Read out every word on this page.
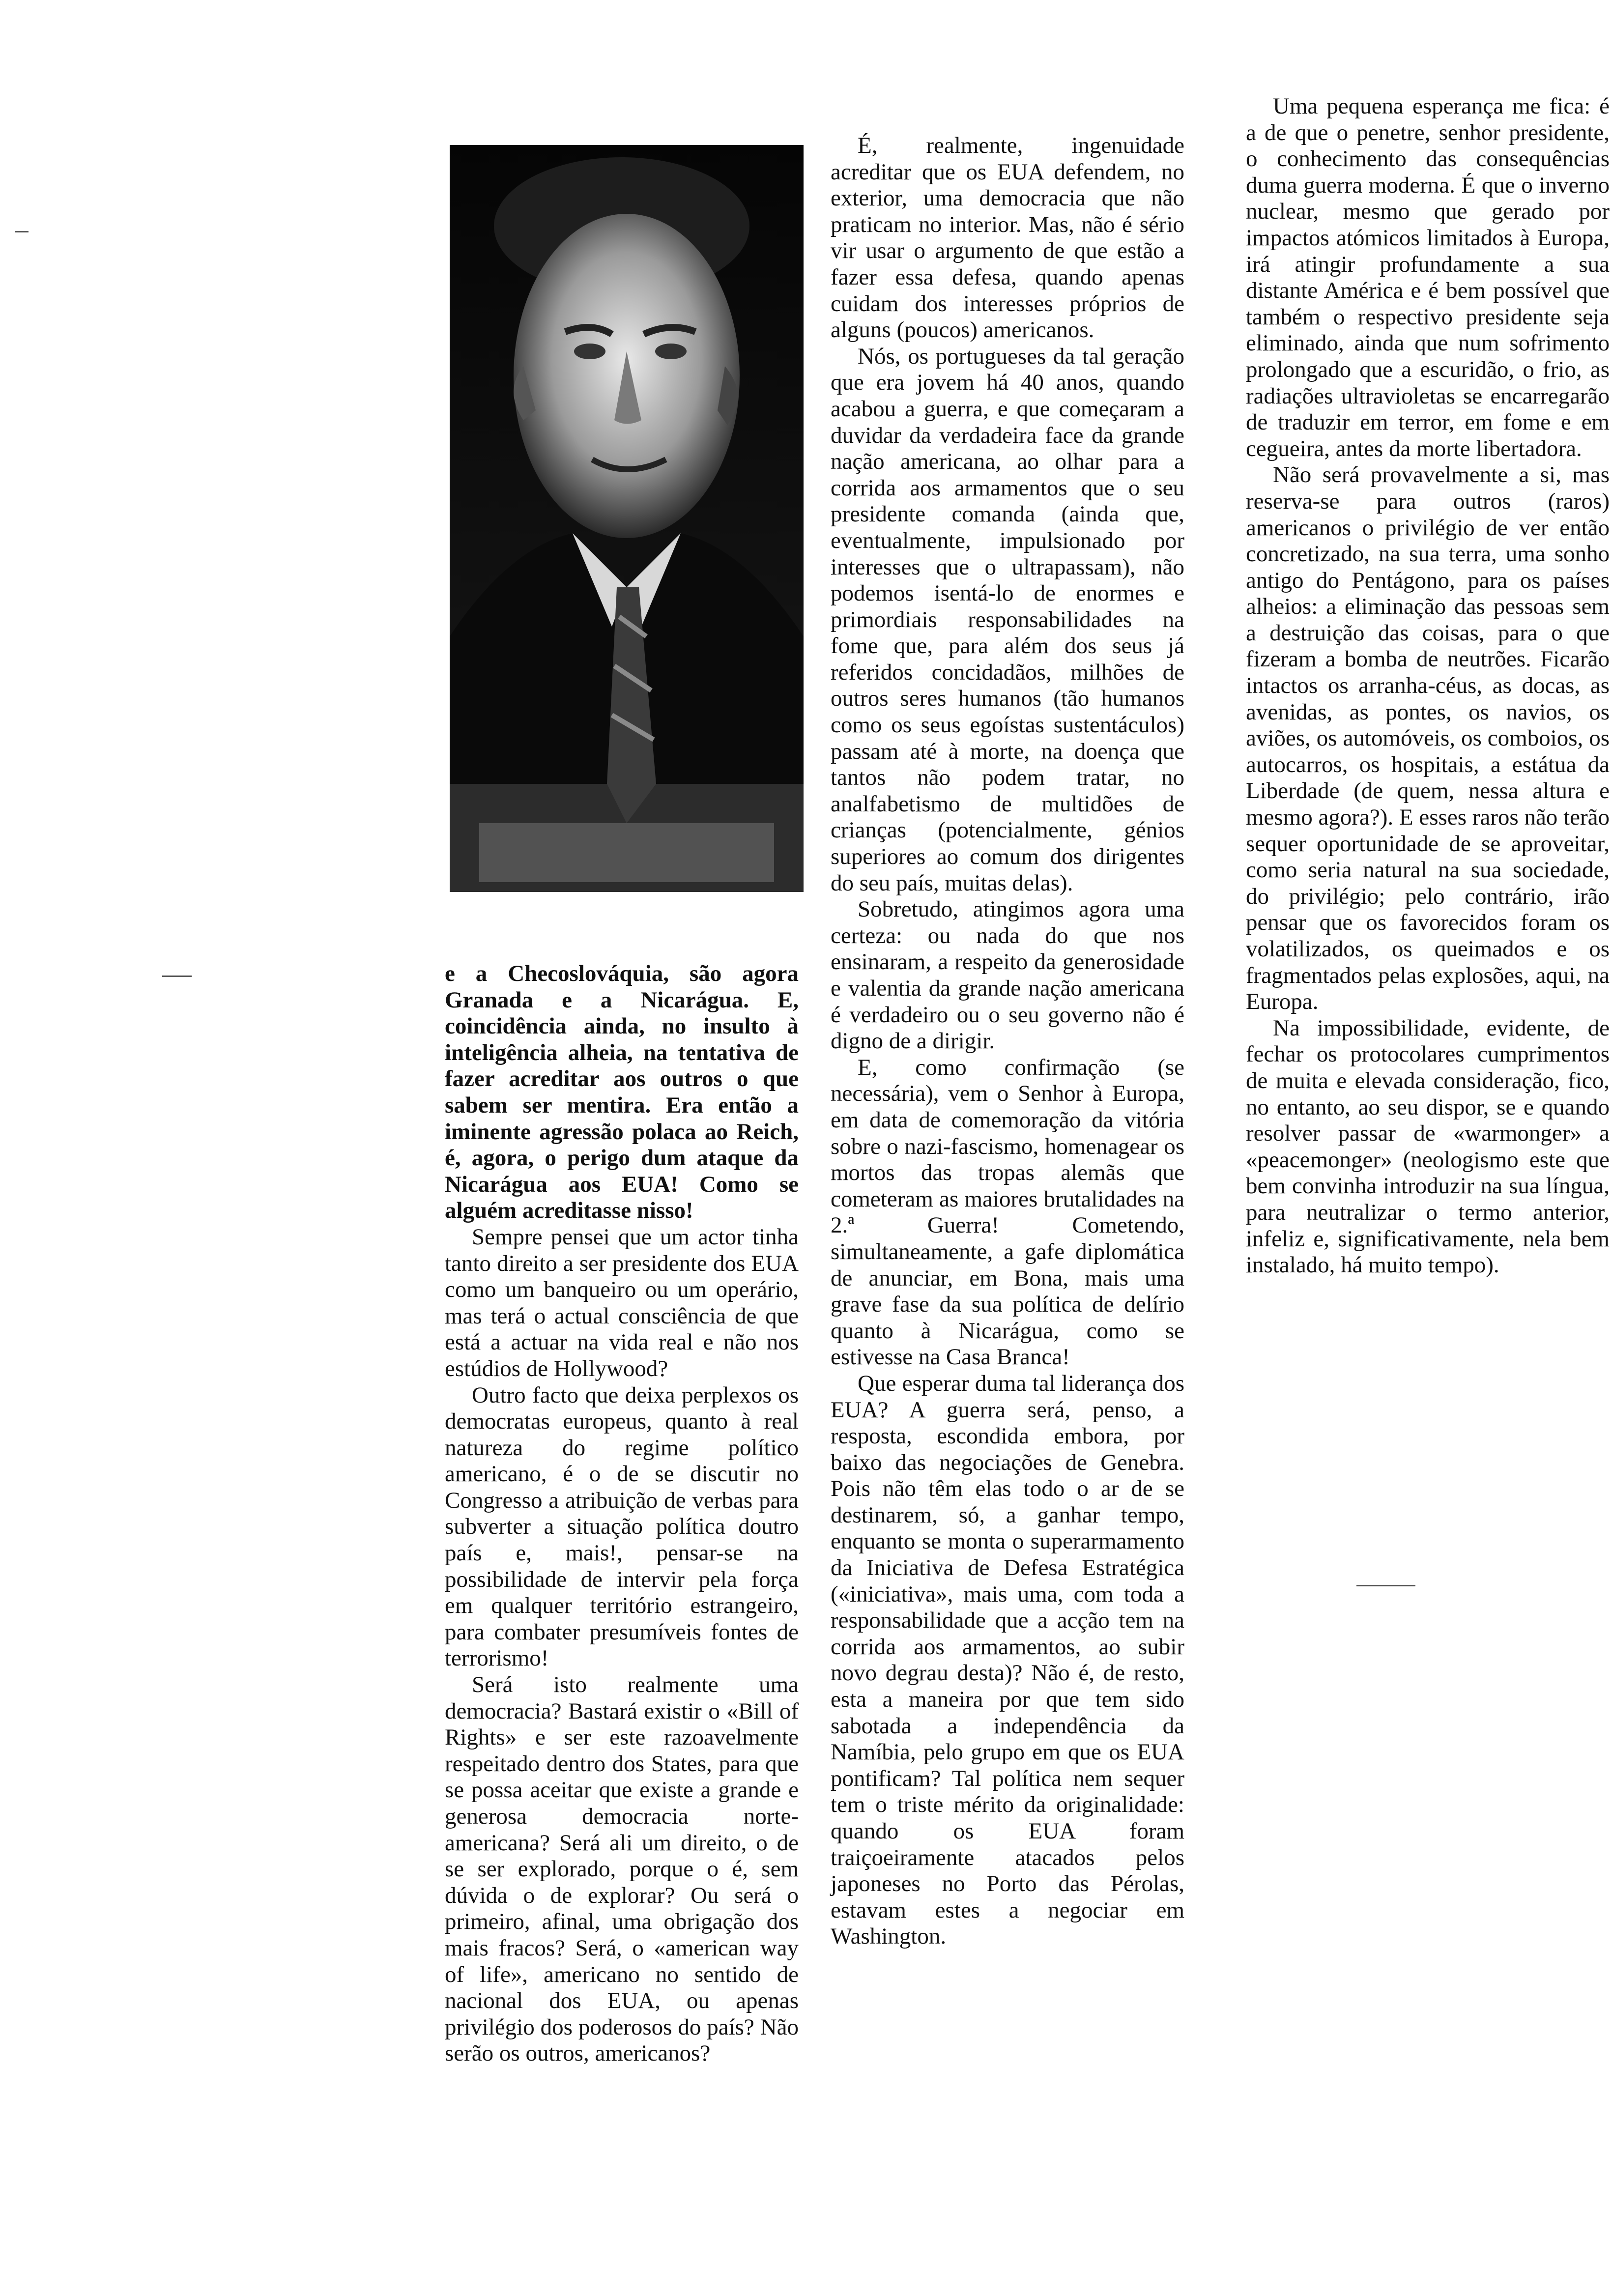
e a Checoslováquia, são agora Granada e a Nicarágua. E, coincidência ainda, no insulto à inteligência alheia, na tentativa de fazer acreditar aos outros o que sabem ser mentira. Era então a iminente agressão polaca ao Reich, é, agora, o perigo dum ataque da Nicarágua aos EUA! Como se alguém acreditasse nisso!

Sempre pensei que um actor tinha tanto direito a ser presidente dos EUA como um banqueiro ou um operário, mas terá o actual consciência de que está a actuar na vida real e não nos estúdios de Hollywood?

Outro facto que deixa perplexos os democratas europeus, quanto à real natureza do regime político americano, é o de se discutir no Congresso a atribuição de verbas para subverter a situação política doutro país e, mais!, pensar-se na possibilidade de intervir pela força em qualquer território estrangeiro, para combater presumíveis fontes de terrorismo!

Será isto realmente uma democracia? Bastará existir o «Bill of Rights» e ser este razoavelmente respeitado dentro dos States, para que se possa aceitar que existe a grande e generosa democracia norte-americana? Será ali um direito, o de se ser explorado, porque o é, sem dúvida o de explorar? Ou será o primeiro, afinal, uma obrigação dos mais fracos? Será, o «american way of life», americano no sentido de nacional dos EUA, ou apenas privilégio dos poderosos do país? Não serão os outros, americanos?

É, realmente, ingenuidade acreditar que os EUA defendem, no exterior, uma democracia que não praticam no interior. Mas, não é sério vir usar o argumento de que estão a fazer essa defesa, quando apenas cuidam dos interesses próprios de alguns (poucos) americanos.

Nós, os portugueses da tal geração que era jovem há 40 anos, quando acabou a guerra, e que começaram a duvidar da verdadeira face da grande nação americana, ao olhar para a corrida aos armamentos que o seu presidente comanda (ainda que, eventualmente, impulsionado por interesses que o ultrapassam), não podemos isentá-lo de enormes e primordiais responsabilidades na fome que, para além dos seus já referidos concidadãos, milhões de outros seres humanos (tão humanos como os seus egoístas sustentáculos) passam até à morte, na doença que tantos não podem tratar, no analfabetismo de multidões de crianças (potencialmente, génios superiores ao comum dos dirigentes do seu país, muitas delas).

Sobretudo, atingimos agora uma certeza: ou nada do que nos ensinaram, a respeito da generosidade e valentia da grande nação americana é verdadeiro ou o seu governo não é digno de a dirigir.

E, como confirmação (se necessária), vem o Senhor à Europa, em data de comemoração da vitória sobre o nazi-fascismo, homenagear os mortos das tropas alemãs que cometeram as maiores brutalidades na 2.ª Guerra! Cometendo, simultaneamente, a gafe diplomática de anunciar, em Bona, mais uma grave fase da sua política de delírio quanto à Nicarágua, como se estivesse na Casa Branca!

Que esperar duma tal liderança dos EUA? A guerra será, penso, a resposta, escondida embora, por baixo das negociações de Genebra. Pois não têm elas todo o ar de se destinarem, só, a ganhar tempo, enquanto se monta o superarmamento da Iniciativa de Defesa Estratégica («iniciativa», mais uma, com toda a responsabilidade que a acção tem na corrida aos armamentos, ao subir novo degrau desta)? Não é, de resto, esta a maneira por que tem sido sabotada a independência da Namíbia, pelo grupo em que os EUA pontificam? Tal política nem sequer tem o triste mérito da originalidade: quando os EUA foram traiçoeiramente atacados pelos japoneses no Porto das Pérolas, estavam estes a negociar em Washington.

Uma pequena esperança me fica: é a de que o penetre, senhor presidente, o conhecimento das consequências duma guerra moderna. É que o inverno nuclear, mesmo que gerado por impactos atómicos limitados à Europa, irá atingir profundamente a sua distante América e é bem possível que também o respectivo presidente seja eliminado, ainda que num sofrimento prolongado que a escuridão, o frio, as radiações ultravioletas se encarregarão de traduzir em terror, em fome e em cegueira, antes da morte libertadora.

Não será provavelmente a si, mas reserva-se para outros (raros) americanos o privilégio de ver então concretizado, na sua terra, uma sonho antigo do Pentágono, para os países alheios: a eliminação das pessoas sem a destruição das coisas, para o que fizeram a bomba de neutrões. Ficarão intactos os arranha-céus, as docas, as avenidas, as pontes, os navios, os aviões, os automóveis, os comboios, os autocarros, os hospitais, a estátua da Liberdade (de quem, nessa altura e mesmo agora?). E esses raros não terão sequer oportunidade de se aproveitar, como seria natural na sua sociedade, do privilégio; pelo contrário, irão pensar que os favorecidos foram os volatilizados, os queimados e os fragmentados pelas explosões, aqui, na Europa.

Na impossibilidade, evidente, de fechar os protocolares cumprimentos de muita e elevada consideração, fico, no entanto, ao seu dispor, se e quando resolver passar de «warmonger» a «peacemonger» (neologismo este que bem convinha introduzir na sua língua, para neutralizar o termo anterior, infeliz e, significativamente, nela bem instalado, há muito tempo).
